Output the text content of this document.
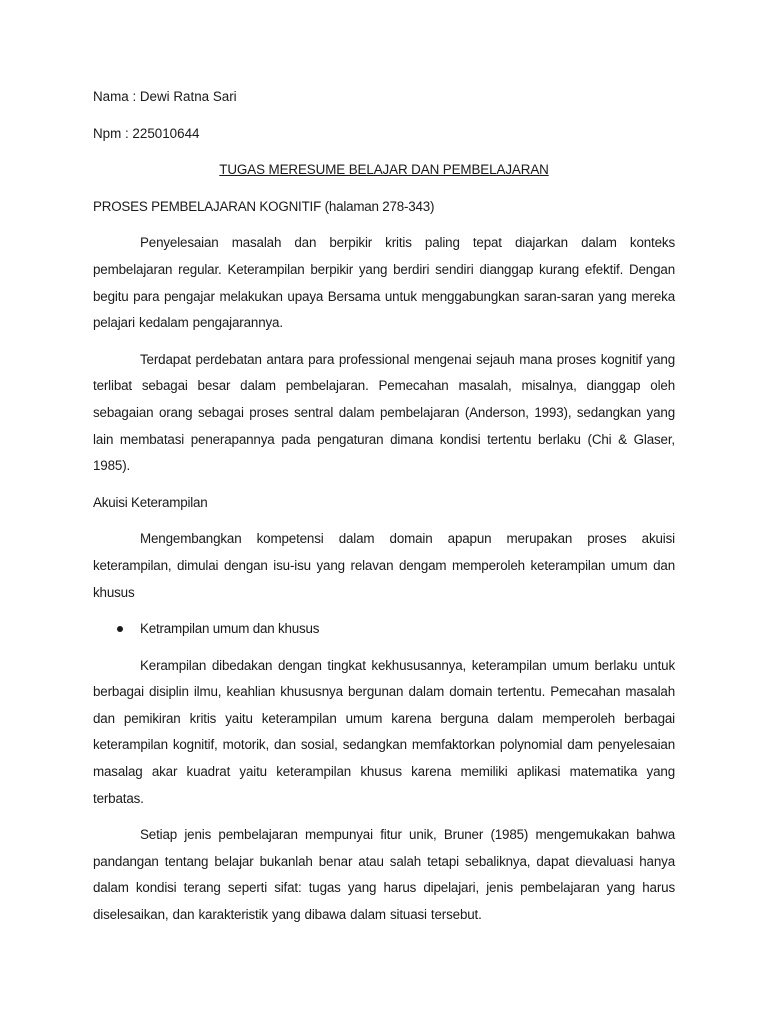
Nama : Dewi Ratna Sari

Npm : 225010644

TUGAS MERESUME BELAJAR DAN PEMBELAJARAN

PROSES PEMBELAJARAN KOGNITIF (halaman 278-343)

Penyelesaian masalah dan berpikir kritis paling tepat diajarkan dalam konteks pembelajaran regular. Keterampilan berpikir yang berdiri sendiri dianggap kurang efektif. Dengan begitu para pengajar melakukan upaya Bersama untuk menggabungkan saran-saran yang mereka pelajari kedalam pengajarannya.

Terdapat perdebatan antara para professional mengenai sejauh mana proses kognitif yang terlibat sebagai besar dalam pembelajaran. Pemecahan masalah, misalnya, dianggap oleh sebagaian orang sebagai proses sentral dalam pembelajaran (Anderson, 1993), sedangkan yang lain membatasi penerapannya pada pengaturan dimana kondisi tertentu berlaku (Chi & Glaser, 1985).

Akuisi Keterampilan

Mengembangkan kompetensi dalam domain apapun merupakan proses akuisi keterampilan, dimulai dengan isu-isu yang relavan dengam memperoleh keterampilan umum dan khusus

Ketrampilan umum dan khusus

Kerampilan dibedakan dengan tingkat kekhususannya, keterampilan umum berlaku untuk berbagai disiplin ilmu, keahlian khususnya bergunan dalam domain tertentu. Pemecahan masalah dan pemikiran kritis yaitu keterampilan umum karena berguna dalam memperoleh berbagai keterampilan kognitif, motorik, dan sosial, sedangkan memfaktorkan polynomial dam penyelesaian masalag akar kuadrat yaitu keterampilan khusus karena memiliki aplikasi matematika yang terbatas.

Setiap jenis pembelajaran mempunyai fitur unik, Bruner (1985) mengemukakan bahwa pandangan tentang belajar bukanlah benar atau salah tetapi sebaliknya, dapat dievaluasi hanya dalam kondisi terang seperti sifat: tugas yang harus dipelajari, jenis pembelajaran yang harus diselesaikan, dan karakteristik yang dibawa dalam situasi tersebut.
